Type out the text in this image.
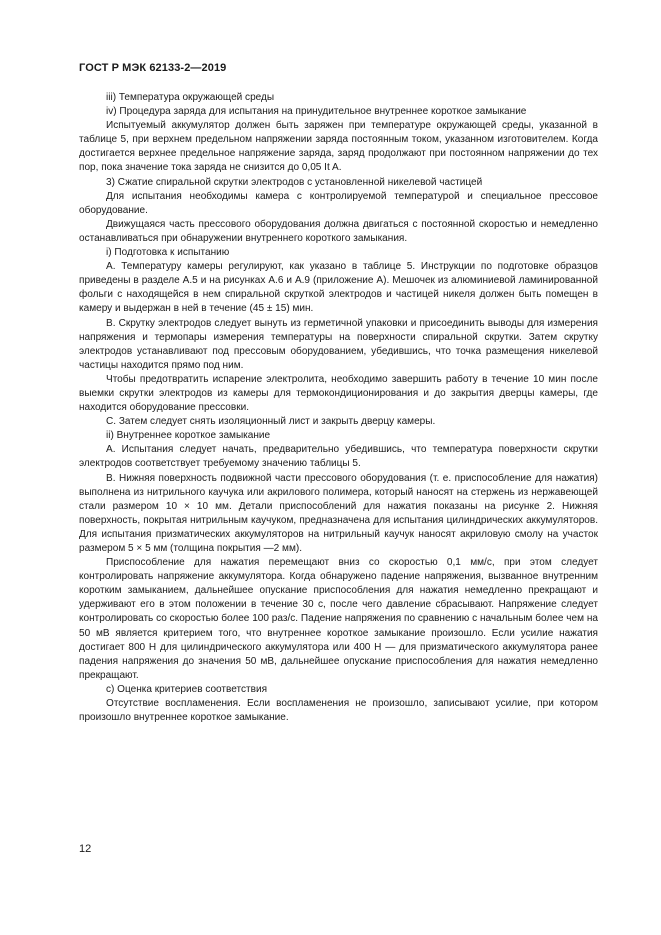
ГОСТ Р МЭК 62133-2—2019

iii) Температура окружающей среды

iv) Процедура заряда для испытания на принудительное внутреннее короткое замыкание

Испытуемый аккумулятор должен быть заряжен при температуре окружающей среды, указанной в таблице 5, при верхнем предельном напряжении заряда постоянным током, указанном изготовителем. Когда достигается верхнее предельное напряжение заряда, заряд продолжают при постоянном напряжении до тех пор, пока значение тока заряда не снизится до 0,05 It A.

3) Сжатие спиральной скрутки электродов с установленной никелевой частицей

Для испытания необходимы камера с контролируемой температурой и специальное прессовое оборудование.

Движущаяся часть прессового оборудования должна двигаться с постоянной скоростью и немедленно останавливаться при обнаружении внутреннего короткого замыкания.

i) Подготовка к испытанию

A. Температуру камеры регулируют, как указано в таблице 5. Инструкции по подготовке образцов приведены в разделе А.5 и на рисунках А.6 и А.9 (приложение А). Мешочек из алюминиевой ламинированной фольги с находящейся в нем спиральной скруткой электродов и частицей никеля должен быть помещен в камеру и выдержан в ней в течение (45 ± 15) мин.

B. Скрутку электродов следует вынуть из герметичной упаковки и присоединить выводы для измерения напряжения и термопары измерения температуры на поверхности спиральной скрутки. Затем скрутку электродов устанавливают под прессовым оборудованием, убедившись, что точка размещения никелевой частицы находится прямо под ним.

Чтобы предотвратить испарение электролита, необходимо завершить работу в течение 10 мин после выемки скрутки электродов из камеры для термокондиционирования и до закрытия дверцы камеры, где находится оборудование прессовки.

C. Затем следует снять изоляционный лист и закрыть дверцу камеры.

ii) Внутреннее короткое замыкание

A. Испытания следует начать, предварительно убедившись, что температура поверхности скрутки электродов соответствует требуемому значению таблицы 5.

B. Нижняя поверхность подвижной части прессового оборудования (т. е. приспособление для нажатия) выполнена из нитрильного каучука или акрилового полимера, который наносят на стержень из нержавеющей стали размером 10 × 10 мм. Детали приспособлений для нажатия показаны на рисунке 2. Нижняя поверхность, покрытая нитрильным каучуком, предназначена для испытания цилиндрических аккумуляторов. Для испытания призматических аккумуляторов на нитрильный каучук наносят акриловую смолу на участок размером 5 × 5 мм (толщина покрытия —2 мм).

Приспособление для нажатия перемещают вниз со скоростью 0,1 мм/с, при этом следует контролировать напряжение аккумулятора. Когда обнаружено падение напряжения, вызванное внутренним коротким замыканием, дальнейшее опускание приспособления для нажатия немедленно прекращают и удерживают его в этом положении в течение 30 с, после чего давление сбрасывают. Напряжение следует контролировать со скоростью более 100 раз/с. Падение напряжения по сравнению с начальным более чем на 50 мВ является критерием того, что внутреннее короткое замыкание произошло. Если усилие нажатия достигает 800 Н для цилиндрического аккумулятора или 400 Н — для призматического аккумулятора ранее падения напряжения до значения 50 мВ, дальнейшее опускание приспособления для нажатия немедленно прекращают.

c) Оценка критериев соответствия

Отсутствие воспламенения. Если воспламенения не произошло, записывают усилие, при котором произошло внутреннее короткое замыкание.

12
